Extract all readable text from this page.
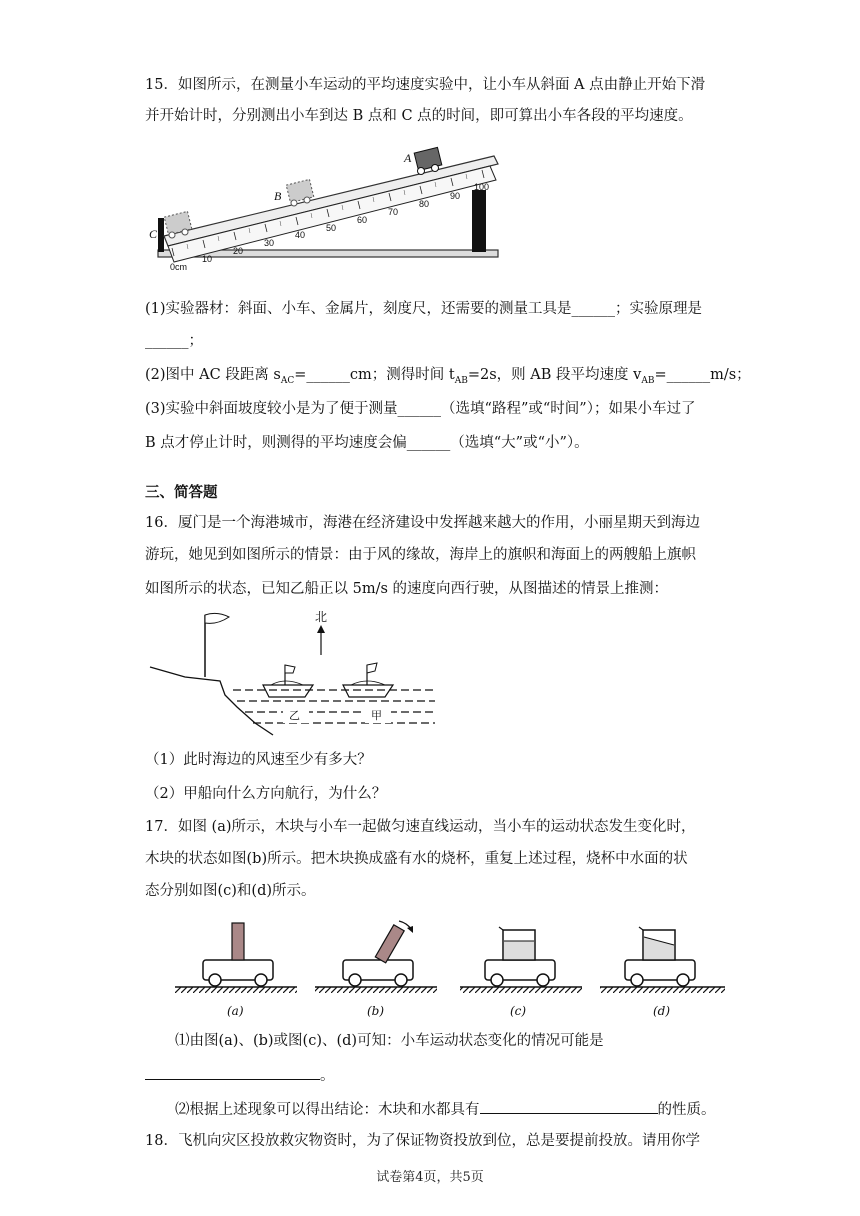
15．如图所示，在测量小车运动的平均速度实验中，让小车从斜面 A 点由静止开始下滑
并开始计时，分别测出小车到达 B 点和 C 点的时间，即可算出小车各段的平均速度。
0cm
10
20
30
40
50
60
70
80
90
100
A
B
C
(1)实验器材：斜面、小车、金属片，刻度尺，还需要的测量工具是______；实验原理是
______；
(2)图中 AC 段距离 $s_{AC}=\_\_\_\_\_\_cm$；测得时间 $t_{AB}=2s$，则 AB 段平均速度 $v_{AB}=\_\_\_\_\_\_m/s$；
(3)实验中斜面坡度较小是为了便于测量______（选填“路程”或“时间”）；如果小车过了
B 点才停止计时，则测得的平均速度会偏______（选填“大”或“小”）。
三、简答题
16．厦门是一个海港城市，海港在经济建设中发挥越来越大的作用，小丽星期天到海边
游玩，她见到如图所示的情景：由于风的缘故，海岸上的旗帜和海面上的两艘船上旗帜
如图所示的状态，已知乙船正以 5m/s 的速度向西行驶，从图描述的情景上推测：
北
乙	甲
（1）此时海边的风速至少有多大？
（2）甲船向什么方向航行，为什么？
17．如图 (a)所示，木块与小车一起做匀速直线运动，当小车的运动状态发生变化时，
木块的状态如图(b)所示。把木块换成盛有水的烧杯，重复上述过程，烧杯中水面的状
态分别如图(c)和(d)所示。
(a)	(b)	(c)	(d)
⑴由图(a)、(b)或图(c)、(d)可知：小车运动状态变化的情况可能是
。
⑵根据上述现象可以得出结论：木块和水都具有	的性质。
18．飞机向灾区投放救灾物资时，为了保证物资投放到位，总是要提前投放。请用你学
试卷第4页，共5页
